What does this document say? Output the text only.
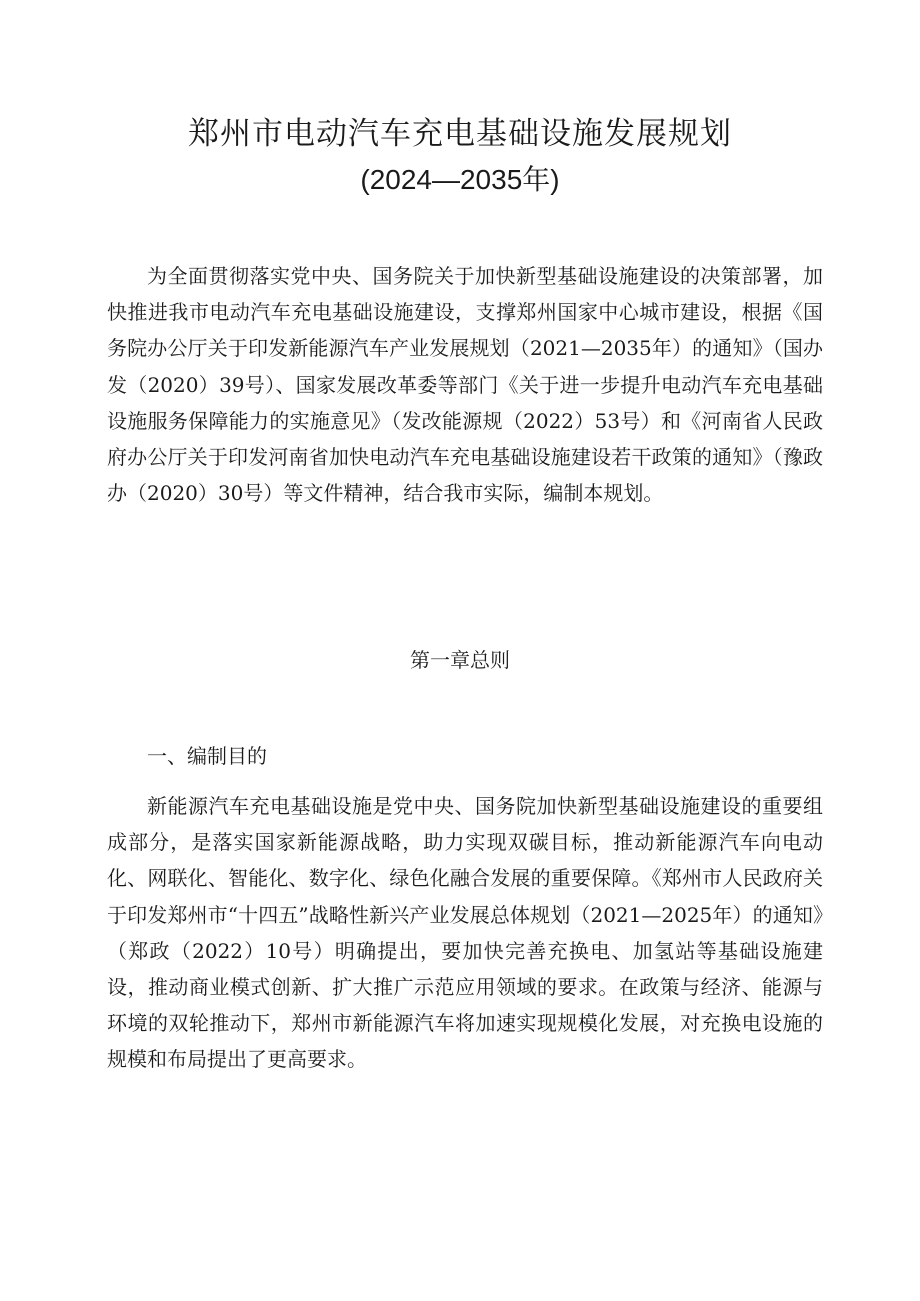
郑州市电动汽车充电基础设施发展规划
(2024—2035年)

为全面贯彻落实党中央、国务院关于加快新型基础设施建设的决策部署，加快推进我市电动汽车充电基础设施建设，支撑郑州国家中心城市建设，根据《国务院办公厅关于印发新能源汽车产业发展规划（2021—2035年）的通知》（国办发（2020）39号）、国家发展改革委等部门《关于进一步提升电动汽车充电基础设施服务保障能力的实施意见》（发改能源规（2022）53号）和《河南省人民政府办公厅关于印发河南省加快电动汽车充电基础设施建设若干政策的通知》（豫政办（2020）30号）等文件精神，结合我市实际，编制本规划。

第一章总则
一、编制目的

新能源汽车充电基础设施是党中央、国务院加快新型基础设施建设的重要组成部分，是落实国家新能源战略，助力实现双碳目标，推动新能源汽车向电动化、网联化、智能化、数字化、绿色化融合发展的重要保障。《郑州市人民政府关于印发郑州市“十四五”战略性新兴产业发展总体规划（2021—2025年）的通知》（郑政（2022）10号）明确提出，要加快完善充换电、加氢站等基础设施建设，推动商业模式创新、扩大推广示范应用领域的要求。在政策与经济、能源与环境的双轮推动下，郑州市新能源汽车将加速实现规模化发展，对充换电设施的规模和布局提出了更高要求。
